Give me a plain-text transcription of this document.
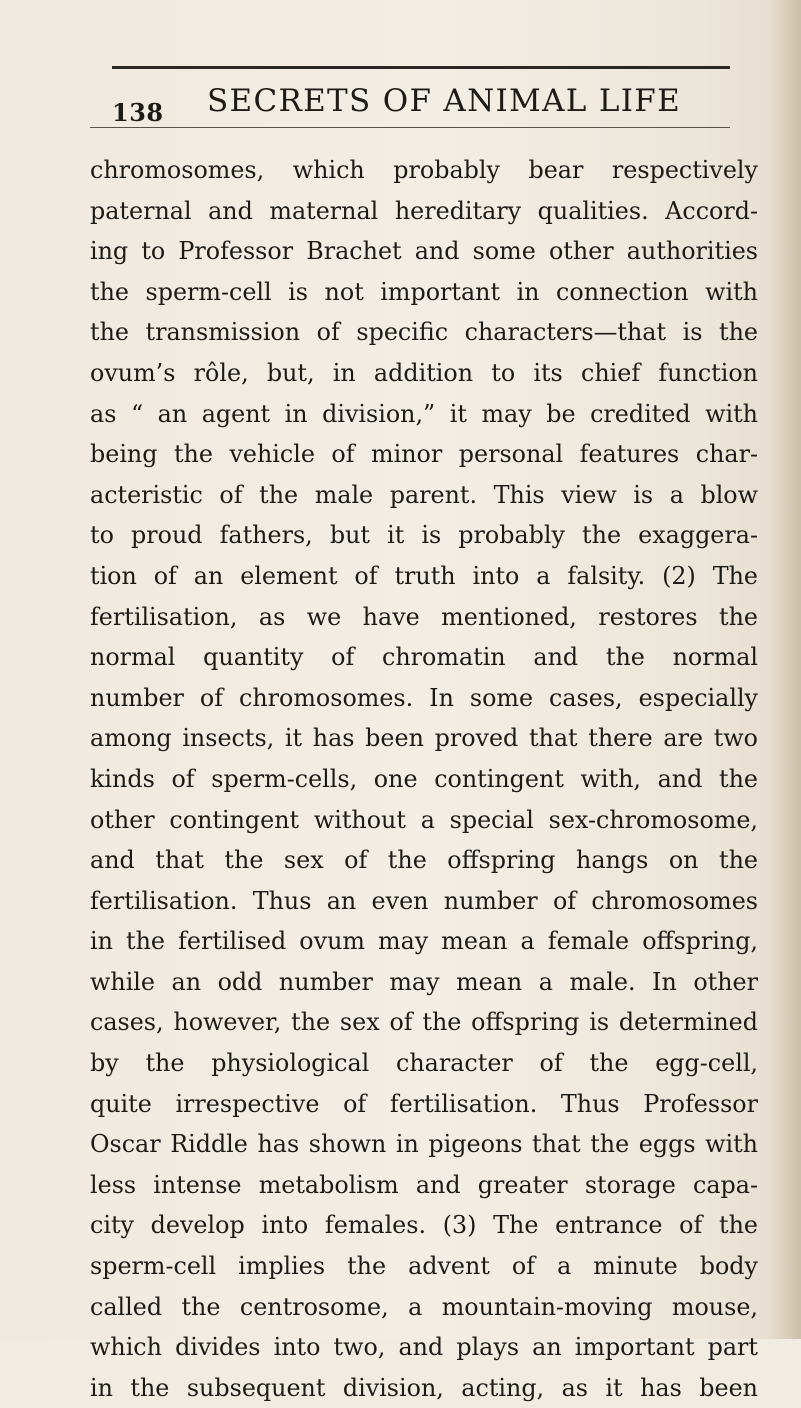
138 SECRETS OF ANIMAL LIFE
chromosomes, which probably bear respectively
paternal and maternal hereditary qualities. Accord-
ing to Professor Brachet and some other authorities
the sperm-cell is not important in connection with
the transmission of specific characters—that is the
ovum’s rôle, but, in addition to its chief function
as “ an agent in division,” it may be credited with
being the vehicle of minor personal features char-
acteristic of the male parent. This view is a blow
to proud fathers, but it is probably the exaggera-
tion of an element of truth into a falsity. (2) The
fertilisation, as we have mentioned, restores the
normal quantity of chromatin and the normal
number of chromosomes. In some cases, especially
among insects, it has been proved that there are two
kinds of sperm-cells, one contingent with, and the
other contingent without a special sex-chromosome,
and that the sex of the offspring hangs on the
fertilisation. Thus an even number of chromosomes
in the fertilised ovum may mean a female offspring,
while an odd number may mean a male. In other
cases, however, the sex of the offspring is determined
by the physiological character of the egg-cell,
quite irrespective of fertilisation. Thus Professor
Oscar Riddle has shown in pigeons that the eggs with
less intense metabolism and greater storage capa-
city develop into females. (3) The entrance of the
sperm-cell implies the advent of a minute body
called the centrosome, a mountain-moving mouse,
which divides into two, and plays an important part
in the subsequent division, acting, as it has been
